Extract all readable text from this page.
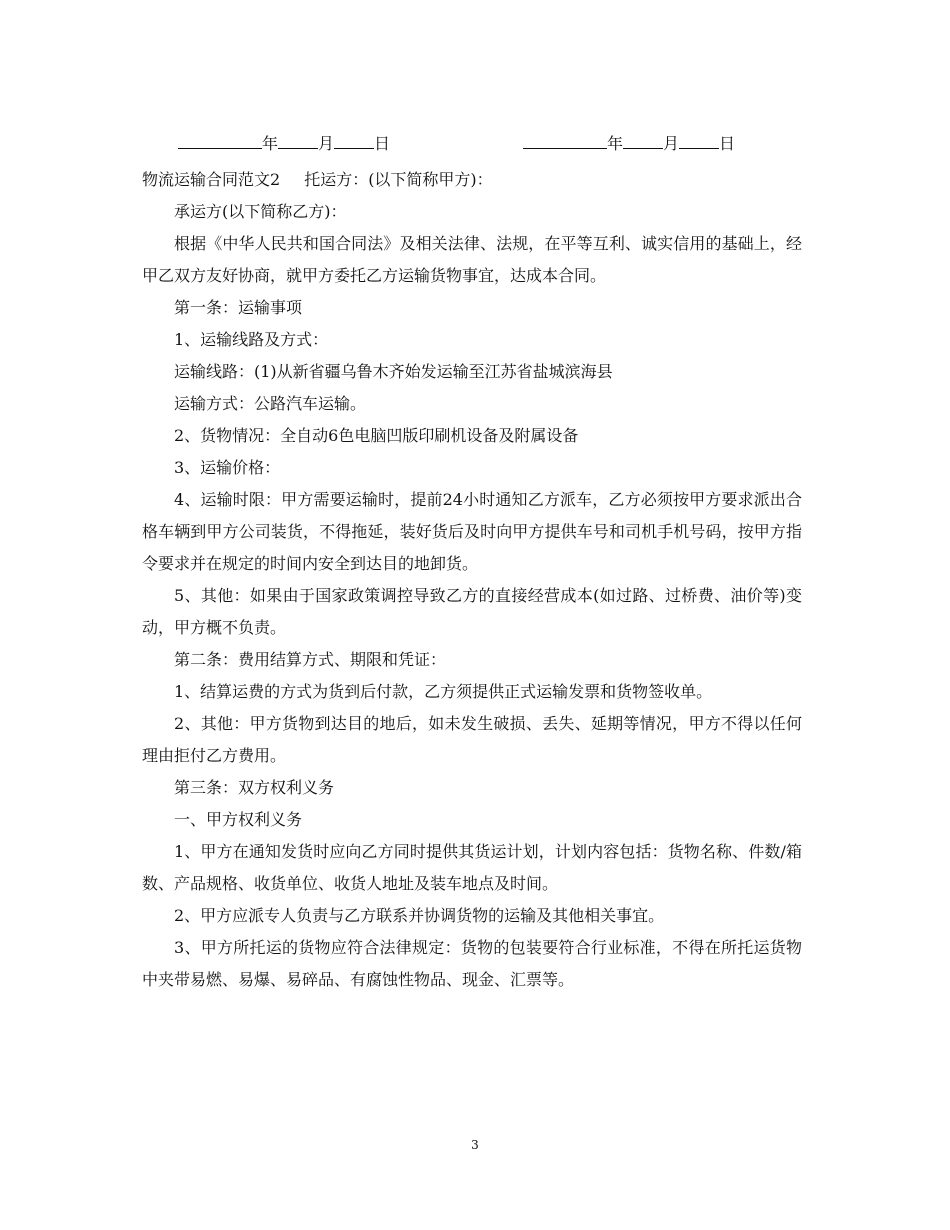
年	月	日	年	月	日

物流运输合同范文2 托运方：(以下简称甲方)：

承运方(以下简称乙方)：

根据《中华人民共和国合同法》及相关法律、法规，在平等互利、诚实信用的基础上，经甲乙双方友好协商，就甲方委托乙方运输货物事宜，达成本合同。

第一条：运输事项

1、运输线路及方式：

运输线路：(1)从新省疆乌鲁木齐始发运输至江苏省盐城滨海县

运输方式：公路汽车运输。

2、货物情况：全自动6色电脑凹版印刷机设备及附属设备

3、运输价格：

4、运输时限：甲方需要运输时，提前24小时通知乙方派车，乙方必须按甲方要求派出合格车辆到甲方公司装货，不得拖延，装好货后及时向甲方提供车号和司机手机号码，按甲方指令要求并在规定的时间内安全到达目的地卸货。

5、其他：如果由于国家政策调控导致乙方的直接经营成本(如过路、过桥费、油价等)变动，甲方概不负责。

第二条：费用结算方式、期限和凭证：

1、结算运费的方式为货到后付款，乙方须提供正式运输发票和货物签收单。

2、其他：甲方货物到达目的地后，如未发生破损、丢失、延期等情况，甲方不得以任何理由拒付乙方费用。

第三条：双方权利义务

一、甲方权利义务

1、甲方在通知发货时应向乙方同时提供其货运计划，计划内容包括：货物名称、件数/箱数、产品规格、收货单位、收货人地址及装车地点及时间。

2、甲方应派专人负责与乙方联系并协调货物的运输及其他相关事宜。

3、甲方所托运的货物应符合法律规定：货物的包装要符合行业标准，不得在所托运货物中夹带易燃、易爆、易碎品、有腐蚀性物品、现金、汇票等。

3
